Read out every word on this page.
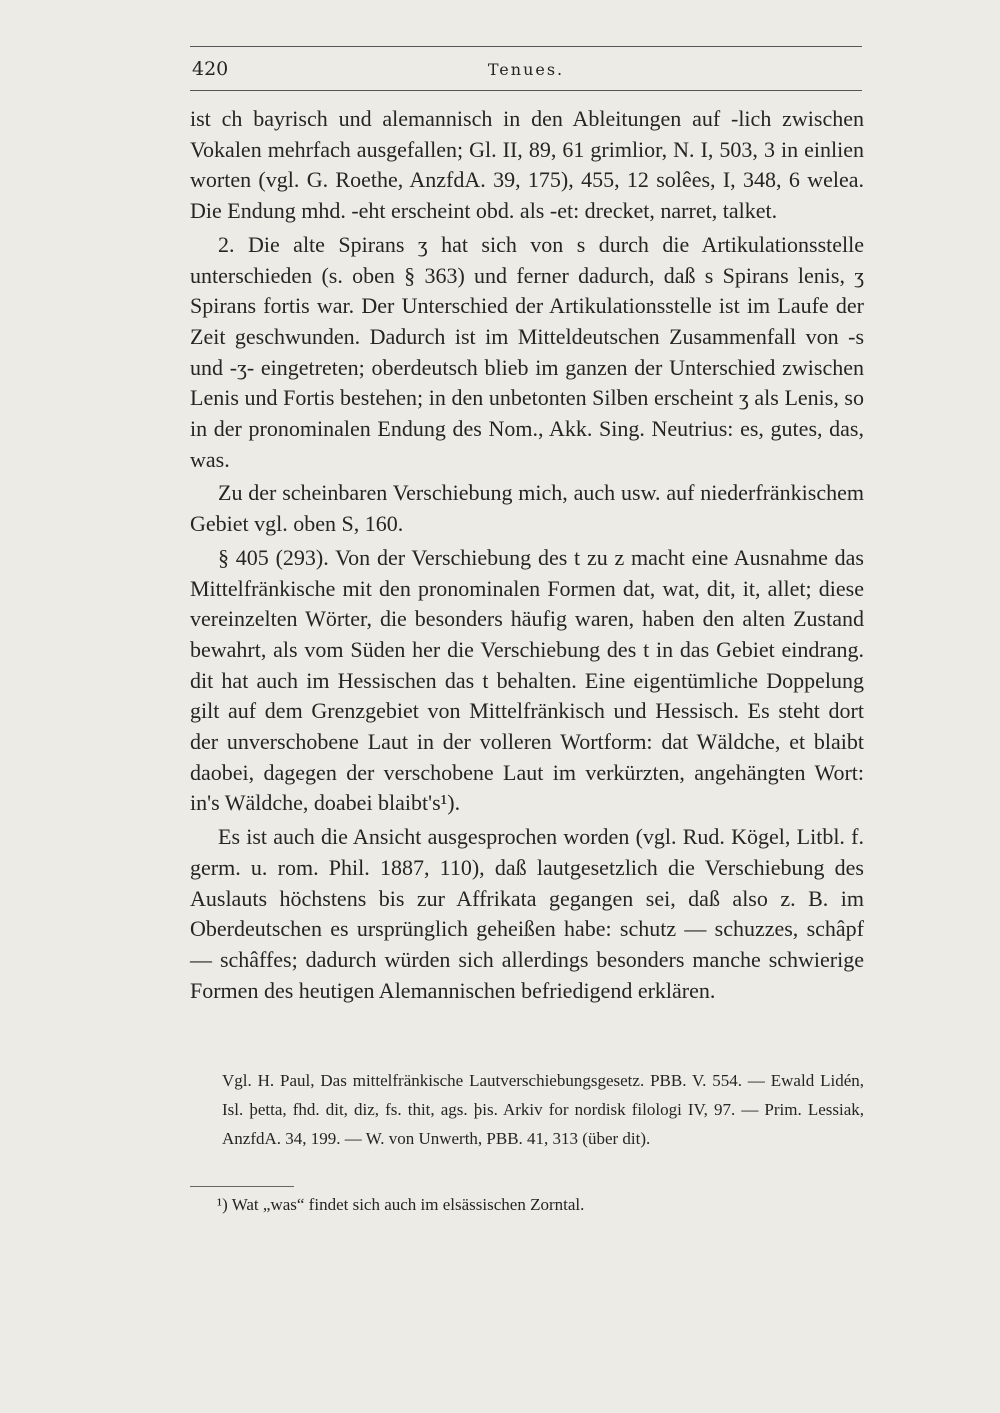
420	Tenues.

ist ch bayrisch und alemannisch in den Ableitungen auf -lich zwischen Vokalen mehrfach ausgefallen; Gl. II, 89, 61 grimlior, N. I, 503, 3 in einlien worten (vgl. G. Roethe, AnzfdA. 39, 175), 455, 12 solêes, I, 348, 6 welea. Die Endung mhd. -eht erscheint obd. als -et: drecket, narret, talket.

2. Die alte Spirans ʒ hat sich von s durch die Artikulationsstelle unterschieden (s. oben § 363) und ferner dadurch, daß s Spirans lenis, ʒ Spirans fortis war. Der Unterschied der Artikulationsstelle ist im Laufe der Zeit geschwunden. Dadurch ist im Mitteldeutschen Zusammenfall von -s und -ʒ- eingetreten; oberdeutsch blieb im ganzen der Unterschied zwischen Lenis und Fortis bestehen; in den unbetonten Silben erscheint ʒ als Lenis, so in der pronominalen Endung des Nom., Akk. Sing. Neutrius: es, gutes, das, was.

Zu der scheinbaren Verschiebung mich, auch usw. auf niederfränkischem Gebiet vgl. oben S, 160.

§ 405 (293). Von der Verschiebung des t zu z macht eine Ausnahme das Mittelfränkische mit den pronominalen Formen dat, wat, dit, it, allet; diese vereinzelten Wörter, die besonders häufig waren, haben den alten Zustand bewahrt, als vom Süden her die Verschiebung des t in das Gebiet eindrang. dit hat auch im Hessischen das t behalten. Eine eigentümliche Doppelung gilt auf dem Grenzgebiet von Mittelfränkisch und Hessisch. Es steht dort der unverschobene Laut in der volleren Wortform: dat Wäldche, et blaibt daobei, dagegen der verschobene Laut im verkürzten, angehängten Wort: in's Wäldche, doabei blaibt's¹).

Es ist auch die Ansicht ausgesprochen worden (vgl. Rud. Kögel, Litbl. f. germ. u. rom. Phil. 1887, 110), daß lautgesetzlich die Verschiebung des Auslauts höchstens bis zur Affrikata gegangen sei, daß also z. B. im Oberdeutschen es ursprünglich geheißen habe: schutz — schuzzes, schâpf — schâffes; dadurch würden sich allerdings besonders manche schwierige Formen des heutigen Alemannischen befriedigend erklären.

Vgl. H. Paul, Das mittelfränkische Lautverschiebungsgesetz. PBB. V. 554. — Ewald Lidén, Isl. þetta, fhd. dit, diz, fs. thit, ags. þis. Arkiv for nordisk filologi IV, 97. — Prim. Lessiak, AnzfdA. 34, 199. — W. von Unwerth, PBB. 41, 313 (über dit).

¹) Wat „was“ findet sich auch im elsässischen Zorntal.
